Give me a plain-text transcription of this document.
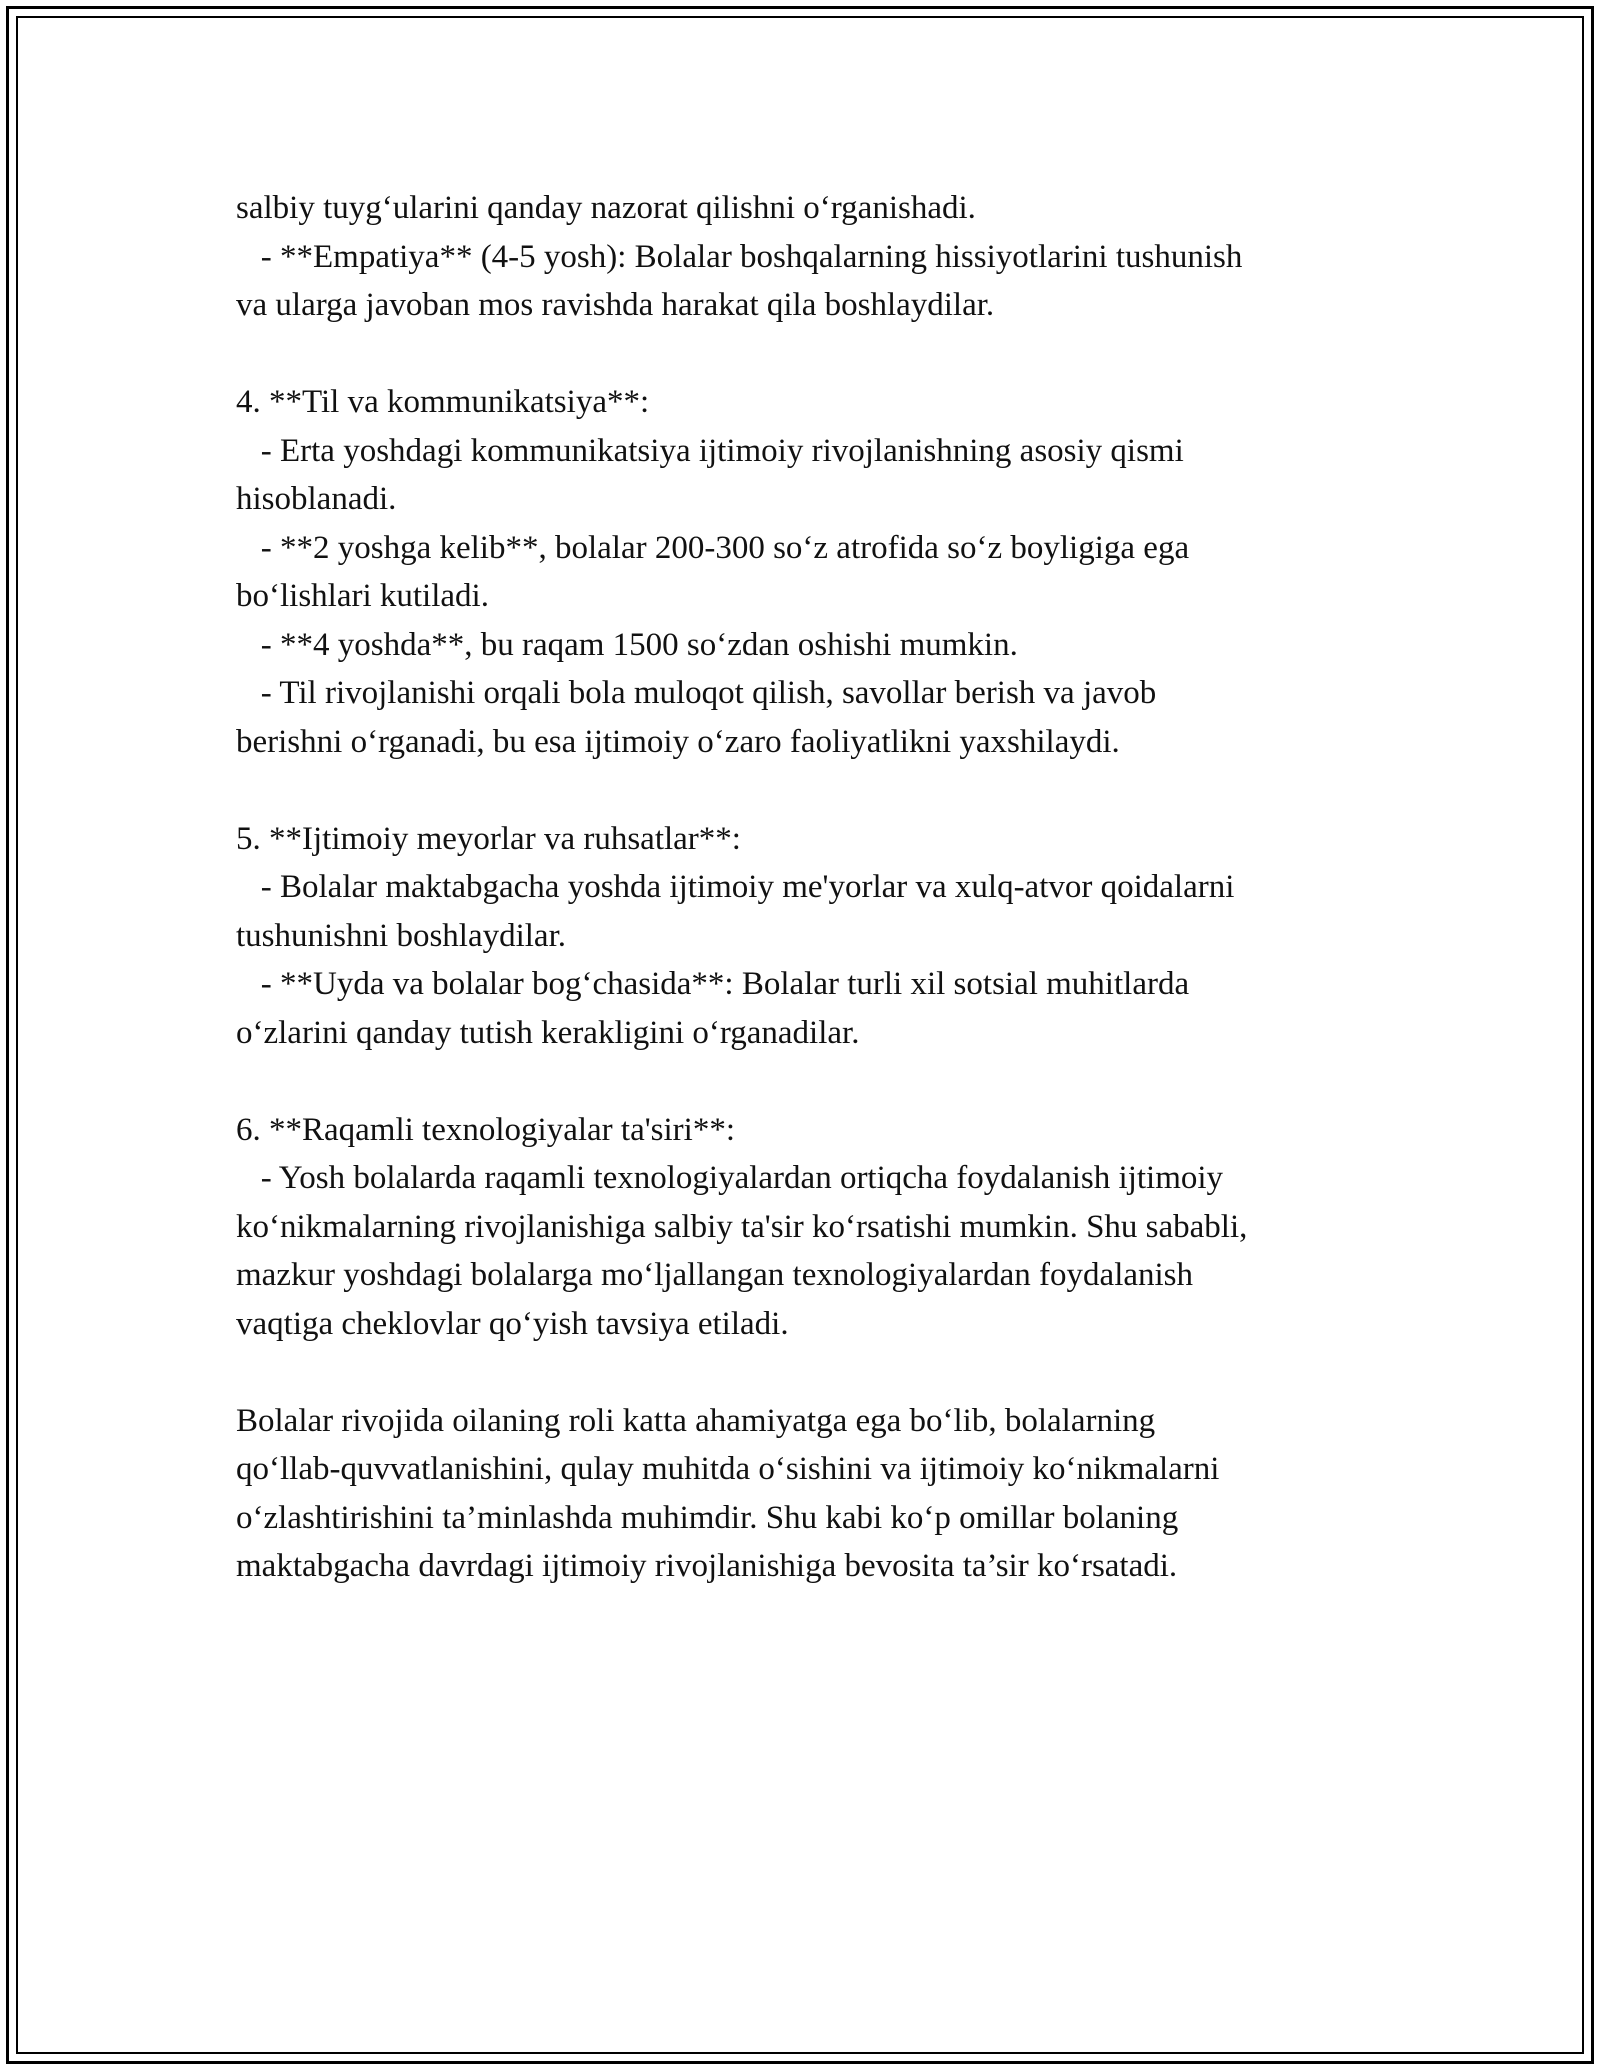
salbiy tuyg‘ularini qanday nazorat qilishni o‘rganishadi.

- **Empatiya** (4-5 yosh): Bolalar boshqalarning hissiyotlarini tushunish

va ularga javoban mos ravishda harakat qila boshlaydilar.

4. **Til va kommunikatsiya**:

- Erta yoshdagi kommunikatsiya ijtimoiy rivojlanishning asosiy qismi

hisoblanadi.

- **2 yoshga kelib**, bolalar 200-300 so‘z atrofida so‘z boyligiga ega

bo‘lishlari kutiladi.

- **4 yoshda**, bu raqam 1500 so‘zdan oshishi mumkin.

- Til rivojlanishi orqali bola muloqot qilish, savollar berish va javob

berishni o‘rganadi, bu esa ijtimoiy o‘zaro faoliyatlikni yaxshilaydi.

5. **Ijtimoiy meyorlar va ruhsatlar**:

- Bolalar maktabgacha yoshda ijtimoiy me'yorlar va xulq-atvor qoidalarni

tushunishni boshlaydilar.

- **Uyda va bolalar bog‘chasida**: Bolalar turli xil sotsial muhitlarda

o‘zlarini qanday tutish kerakligini o‘rganadilar.

6. **Raqamli texnologiyalar ta'siri**:

- Yosh bolalarda raqamli texnologiyalardan ortiqcha foydalanish ijtimoiy

ko‘nikmalarning rivojlanishiga salbiy ta'sir ko‘rsatishi mumkin. Shu sababli,

mazkur yoshdagi bolalarga mo‘ljallangan texnologiyalardan foydalanish

vaqtiga cheklovlar qo‘yish tavsiya etiladi.

Bolalar rivojida oilaning roli katta ahamiyatga ega bo‘lib, bolalarning

qo‘llab-quvvatlanishini, qulay muhitda o‘sishini va ijtimoiy ko‘nikmalarni

o‘zlashtirishini ta’minlashda muhimdir. Shu kabi ko‘p omillar bolaning

maktabgacha davrdagi ijtimoiy rivojlanishiga bevosita ta’sir ko‘rsatadi.
